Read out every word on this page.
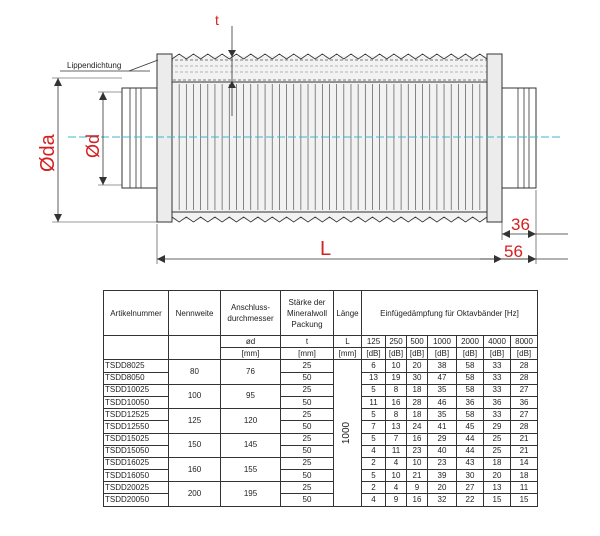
t
Lippendichtung
Øda Ød
L
36
56
Artikelnummer	Nennweite	Anschluss-durchmesser	Stärke der Mineralwoll Packung	Länge	Einfügedämpfung für Oktavbänder [Hz]						
		ød	t	L	125	250	500	1000	2000	4000	8000
		[mm]	[mm]	[mm]	[dB]	[dB]	[dB]	[dB]	[dB]	[dB]	[dB]
TSDD8025	80	76	25	1000	6	10	20	38	58	33	28
TSDD8050			50		13	19	30	47	58	33	28
TSDD10025	100	95	25		5	8	18	35	58	33	27
TSDD10050			50		11	16	28	46	36	36	36
TSDD12525	125	120	25		5	8	18	35	58	33	27
TSDD12550			50		7	13	24	41	45	29	28
TSDD15025	150	145	25		5	7	16	29	44	25	21
TSDD15050			50		4	11	23	40	44	25	21
TSDD16025	160	155	25		2	4	10	23	43	18	14
TSDD16050			50		5	10	21	39	30	20	18
TSDD20025	200	195	25		2	4	9	20	27	13	11
TSDD20050			50		4	9	16	32	22	15	15
